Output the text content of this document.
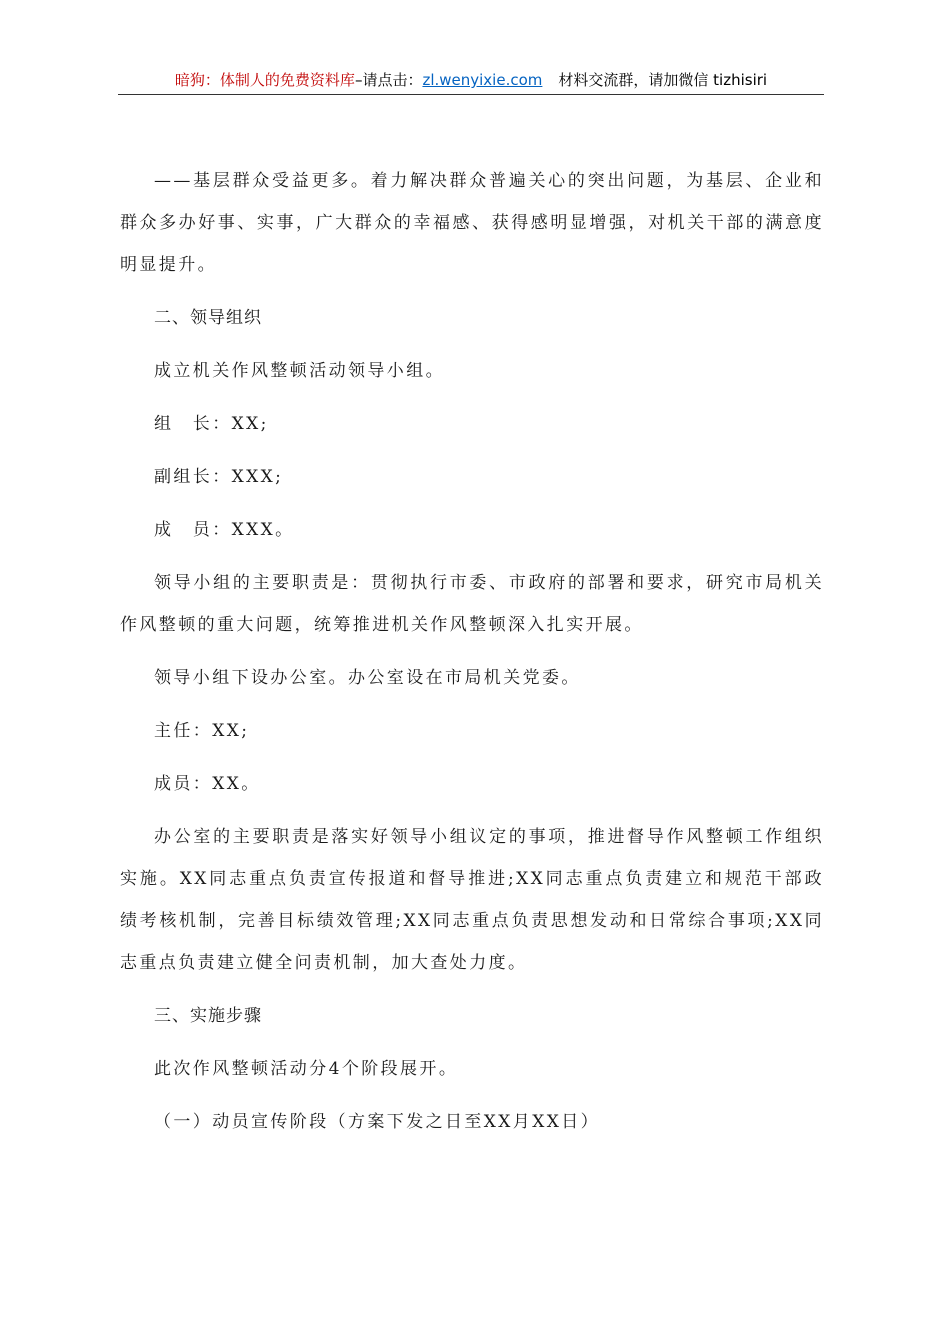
暗狗：体制人的免费资料库–请点击：zl.wenyixie.com 材料交流群，请加微信 tizhisiri

——基层群众受益更多。着力解决群众普遍关心的突出问题，为基层、企业和群众多办好事、实事，广大群众的幸福感、获得感明显增强，对机关干部的满意度明显提升。

二、领导组织

成立机关作风整顿活动领导小组。

组　长：XX;

副组长：XXX;

成　员：XXX。

领导小组的主要职责是：贯彻执行市委、市政府的部署和要求，研究市局机关作风整顿的重大问题，统筹推进机关作风整顿深入扎实开展。

领导小组下设办公室。办公室设在市局机关党委。

主任：XX;

成员：XX。

办公室的主要职责是落实好领导小组议定的事项，推进督导作风整顿工作组织实施。XX同志重点负责宣传报道和督导推进;XX同志重点负责建立和规范干部政绩考核机制，完善目标绩效管理;XX同志重点负责思想发动和日常综合事项;XX同志重点负责建立健全问责机制，加大查处力度。

三、实施步骤

此次作风整顿活动分4个阶段展开。

（一）动员宣传阶段（方案下发之日至XX月XX日）
